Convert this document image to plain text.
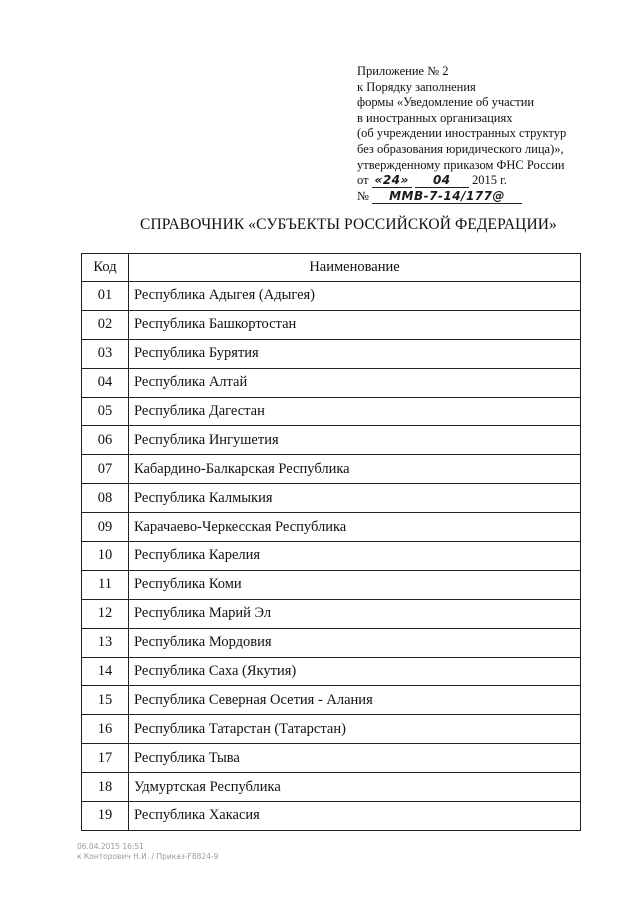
Приложение № 2
к Порядку заполнения
формы «Уведомление об участии
в иностранных организациях
(об учреждении иностранных структур
без образования юридического лица)»,
утвержденному приказом ФНС России
от «24» 04 2015 г.
№ ММВ-7-14/177@
СПРАВОЧНИК «СУБЪЕКТЫ РОССИЙСКОЙ ФЕДЕРАЦИИ»
Код	Наименование
01	Республика Адыгея (Адыгея)
02	Республика Башкортостан
03	Республика Бурятия
04	Республика Алтай
05	Республика Дагестан
06	Республика Ингушетия
07	Кабардино-Балкарская Республика
08	Республика Калмыкия
09	Карачаево-Черкесская Республика
10	Республика Карелия
11	Республика Коми
12	Республика Марий Эл
13	Республика Мордовия
14	Республика Саха (Якутия)
15	Республика Северная Осетия - Алания
16	Республика Татарстан (Татарстан)
17	Республика Тыва
18	Удмуртская Республика
19	Республика Хакасия
06.04.2015 16:51
к Конторович Н.И. / Приказ-F8824-9
